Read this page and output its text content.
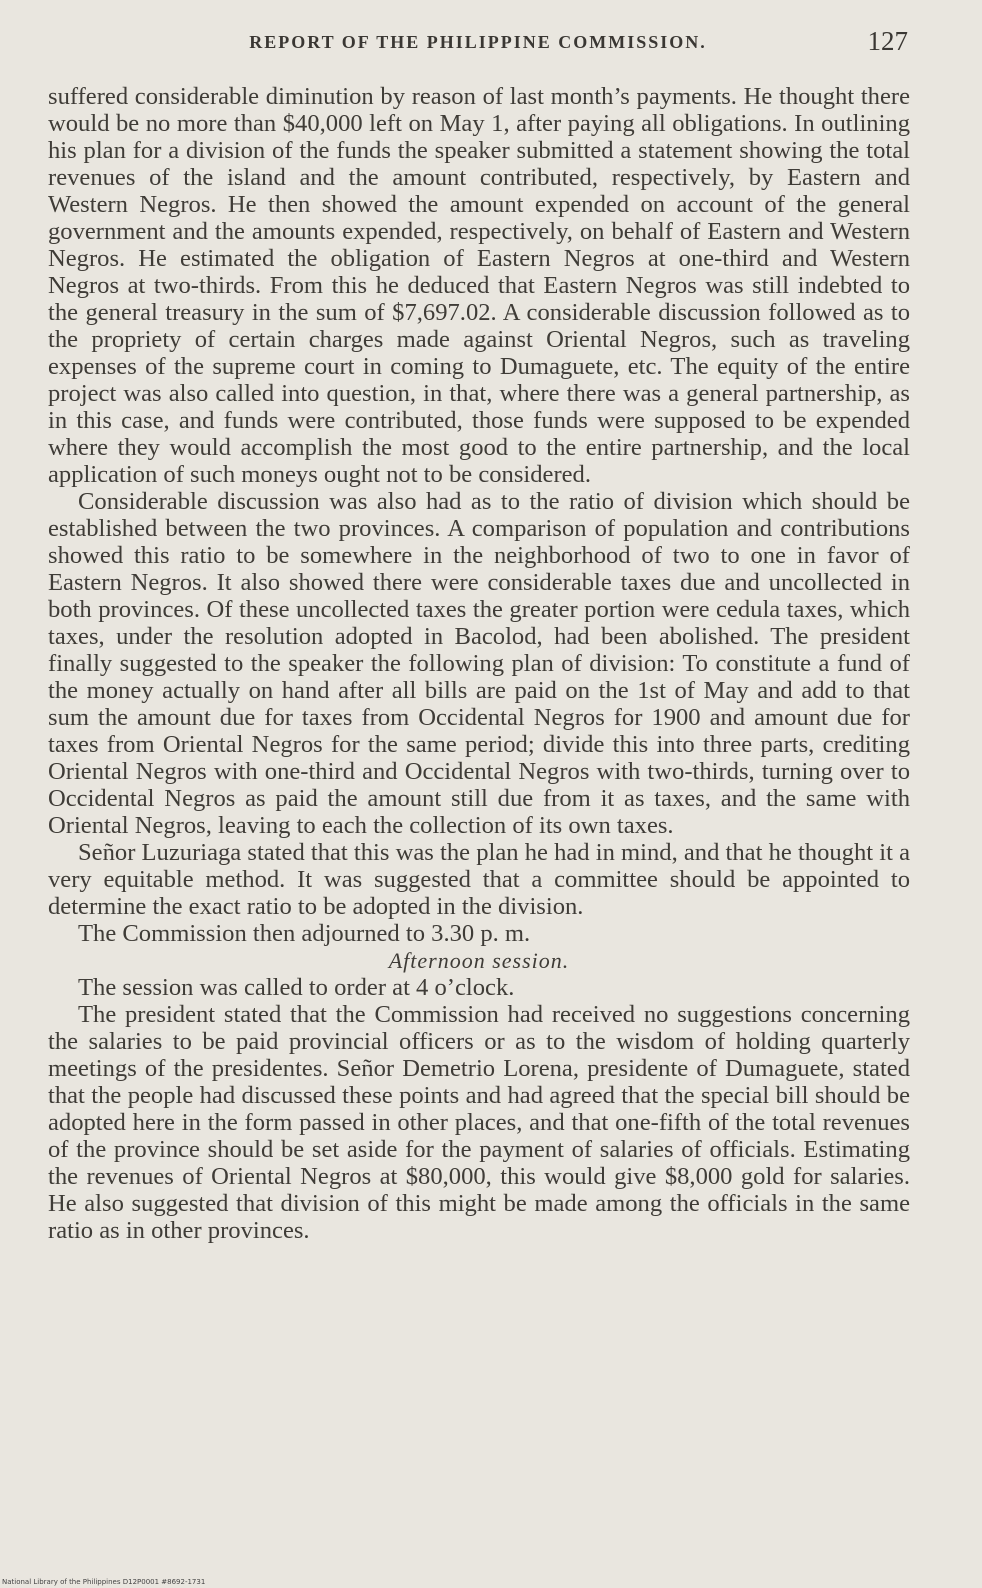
REPORT OF THE PHILIPPINE COMMISSION.	127

suffered considerable diminution by reason of last month’s payments. He thought there would be no more than $40,000 left on May 1, after paying all obligations. In outlining his plan for a division of the funds the speaker submitted a statement showing the total revenues of the island and the amount contributed, respectively, by Eastern and Western Negros. He then showed the amount expended on account of the general government and the amounts expended, respectively, on behalf of Eastern and Western Negros. He estimated the obligation of Eastern Negros at one-third and Western Negros at two-thirds. From this he deduced that Eastern Negros was still indebted to the general treasury in the sum of $7,697.02. A considerable discussion followed as to the propriety of certain charges made against Oriental Negros, such as traveling expenses of the supreme court in coming to Dumaguete, etc. The equity of the entire project was also called into question, in that, where there was a general partnership, as in this case, and funds were contributed, those funds were supposed to be expended where they would accomplish the most good to the entire partnership, and the local application of such moneys ought not to be considered.

Considerable discussion was also had as to the ratio of division which should be established between the two provinces. A comparison of population and contributions showed this ratio to be somewhere in the neighborhood of two to one in favor of Eastern Negros. It also showed there were considerable taxes due and uncollected in both provinces. Of these uncollected taxes the greater portion were cedula taxes, which taxes, under the resolution adopted in Bacolod, had been abolished. The president finally suggested to the speaker the following plan of division: To constitute a fund of the money actually on hand after all bills are paid on the 1st of May and add to that sum the amount due for taxes from Occidental Negros for 1900 and amount due for taxes from Oriental Negros for the same period; divide this into three parts, crediting Oriental Negros with one-third and Occidental Negros with two-thirds, turning over to Occidental Negros as paid the amount still due from it as taxes, and the same with Oriental Negros, leaving to each the collection of its own taxes.

Señor Luzuriaga stated that this was the plan he had in mind, and that he thought it a very equitable method. It was suggested that a committee should be appointed to determine the exact ratio to be adopted in the division.

The Commission then adjourned to 3.30 p. m.

Afternoon session.

The session was called to order at 4 o’clock.

The president stated that the Commission had received no suggestions concerning the salaries to be paid provincial officers or as to the wisdom of holding quarterly meetings of the presidentes. Señor Demetrio Lorena, presidente of Dumaguete, stated that the people had discussed these points and had agreed that the special bill should be adopted here in the form passed in other places, and that one-fifth of the total revenues of the province should be set aside for the payment of salaries of officials. Estimating the revenues of Oriental Negros at $80,000, this would give $8,000 gold for salaries. He also suggested that division of this might be made among the officials in the same ratio as in other provinces.

National Library of the Philippines D12P0001 #8692-1731
